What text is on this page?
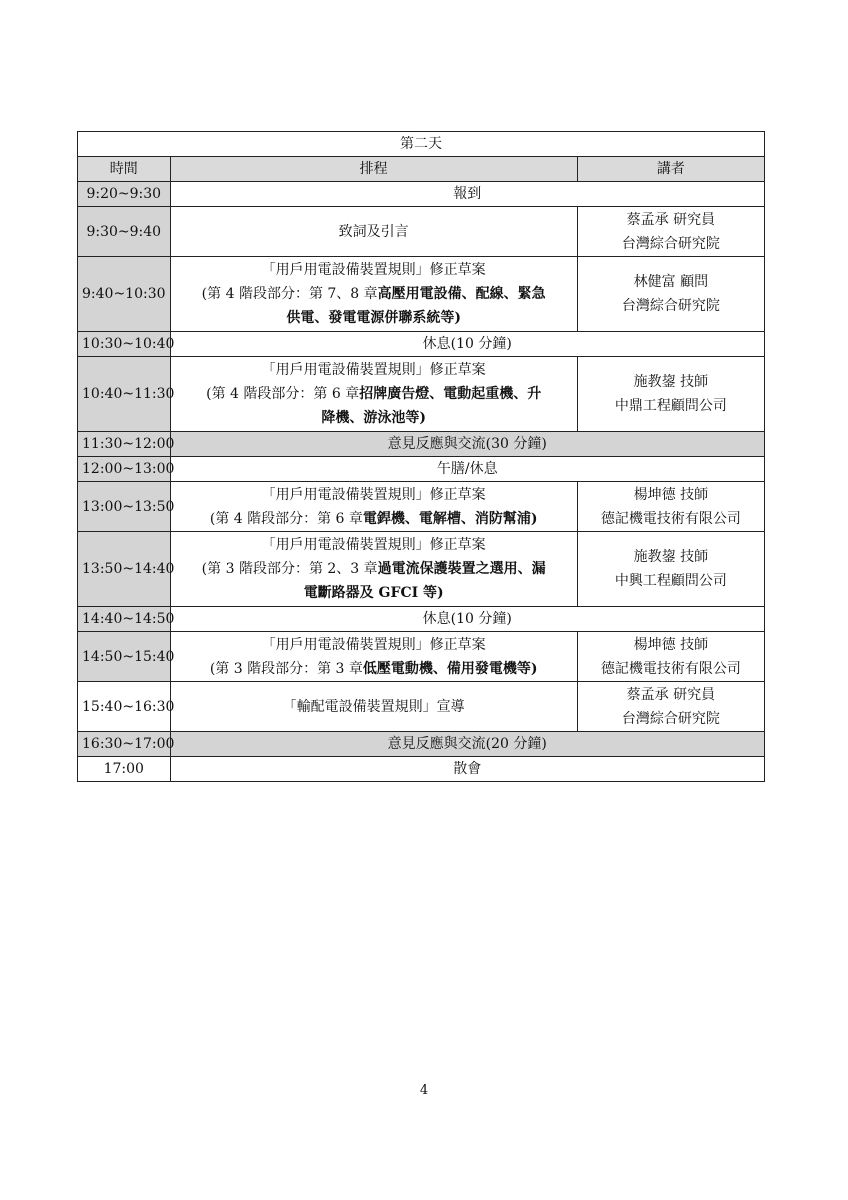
第二天		
時間	排程	講者
9:20~9:30	報到	
9:30~9:40	致詞及引言	蔡孟承 研究員
台灣綜合研究院

9:40~10:30	「用戶用電設備裝置規則」修正草案
(第 4 階段部分：第 7、8 章高壓用電設備、配線、緊急
供電、發電電源併聯系統等)	林健富 顧問
台灣綜合研究院

10:30~10:40	休息(10 分鐘)	
10:40~11:30	「用戶用電設備裝置規則」修正草案
(第 4 階段部分：第 6 章招牌廣告燈、電動起重機、升
降機、游泳池等)	施教鋆 技師
中鼎工程顧問公司

11:30~12:00	意見反應與交流(30 分鐘)	
12:00~13:00	午膳/休息	
13:00~13:50	「用戶用電設備裝置規則」修正草案
(第 4 階段部分：第 6 章電銲機、電解槽、消防幫浦)	楊坤德 技師
德記機電技術有限公司

13:50~14:40	「用戶用電設備裝置規則」修正草案
(第 3 階段部分：第 2、3 章過電流保護裝置之選用、漏
電斷路器及 GFCI 等)	施教鋆 技師
中興工程顧問公司

14:40~14:50	休息(10 分鐘)	
14:50~15:40	「用戶用電設備裝置規則」修正草案
(第 3 階段部分：第 3 章低壓電動機、備用發電機等)	楊坤德 技師
德記機電技術有限公司

15:40~16:30	「輸配電設備裝置規則」宣導	蔡孟承 研究員
台灣綜合研究院

16:30~17:00	意見反應與交流(20 分鐘)	
17:00	散會	
4
